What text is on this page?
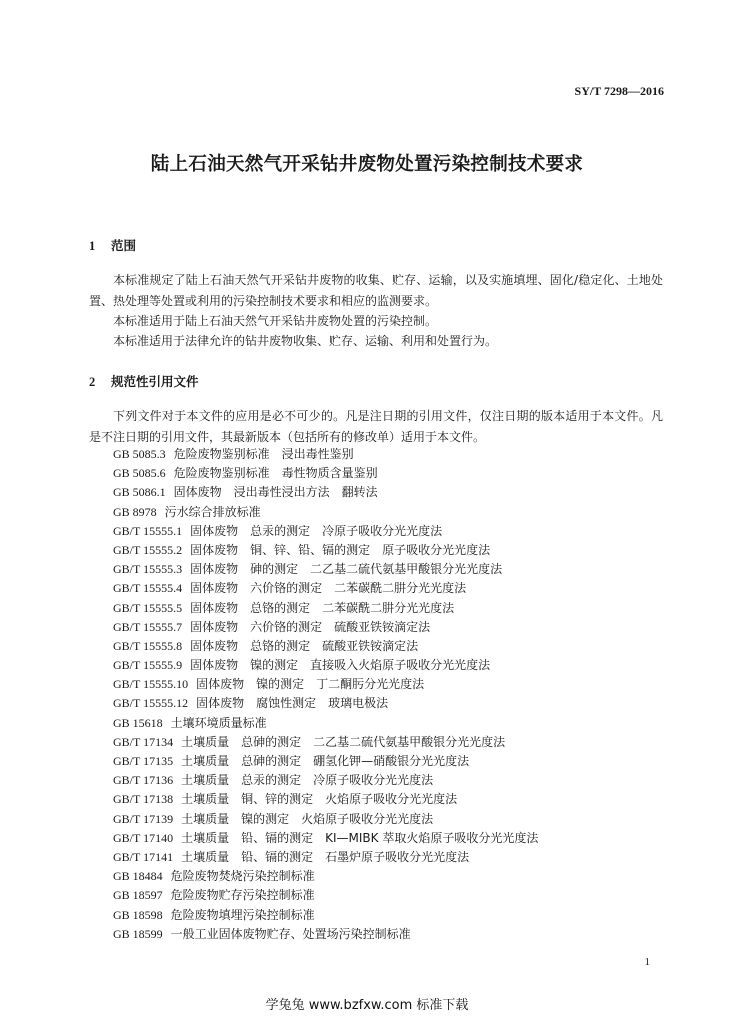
SY/T 7298—2016
陆上石油天然气开采钻井废物处置污染控制技术要求
1 范围
本标准规定了陆上石油天然气开采钻井废物的收集、贮存、运输，以及实施填埋、固化/稳定化、土地处置、热处理等处置或利用的污染控制技术要求和相应的监测要求。
本标准适用于陆上石油天然气开采钻井废物处置的污染控制。
本标准适用于法律允许的钻井废物收集、贮存、运输、利用和处置行为。
2 规范性引用文件
下列文件对于本文件的应用是必不可少的。凡是注日期的引用文件，仅注日期的版本适用于本文件。凡是不注日期的引用文件，其最新版本（包括所有的修改单）适用于本文件。
GB 5085.3 危险废物鉴别标准　浸出毒性鉴别
GB 5085.6 危险废物鉴别标准　毒性物质含量鉴别
GB 5086.1 固体废物　浸出毒性浸出方法　翻转法
GB 8978 污水综合排放标准
GB/T 15555.1 固体废物　总汞的测定　冷原子吸收分光光度法
GB/T 15555.2 固体废物　铜、锌、铅、镉的测定　原子吸收分光光度法
GB/T 15555.3 固体废物　砷的测定　二乙基二硫代氨基甲酸银分光光度法
GB/T 15555.4 固体废物　六价铬的测定　二苯碳酰二肼分光光度法
GB/T 15555.5 固体废物　总铬的测定　二苯碳酰二肼分光光度法
GB/T 15555.7 固体废物　六价铬的测定　硫酸亚铁铵滴定法
GB/T 15555.8 固体废物　总铬的测定　硫酸亚铁铵滴定法
GB/T 15555.9 固体废物　镍的测定　直接吸入火焰原子吸收分光光度法
GB/T 15555.10 固体废物　镍的测定　丁二酮肟分光光度法
GB/T 15555.12 固体废物　腐蚀性测定　玻璃电极法
GB 15618 土壤环境质量标准
GB/T 17134 土壤质量　总砷的测定　二乙基二硫代氨基甲酸银分光光度法
GB/T 17135 土壤质量　总砷的测定　硼氢化钾—硝酸银分光光度法
GB/T 17136 土壤质量　总汞的测定　冷原子吸收分光光度法
GB/T 17138 土壤质量　铜、锌的测定　火焰原子吸收分光光度法
GB/T 17139 土壤质量　镍的测定　火焰原子吸收分光光度法
GB/T 17140 土壤质量　铅、镉的测定　KI—MIBK 萃取火焰原子吸收分光光度法
GB/T 17141 土壤质量　铅、镉的测定　石墨炉原子吸收分光光度法
GB 18484 危险废物焚烧污染控制标准
GB 18597 危险废物贮存污染控制标准
GB 18598 危险废物填埋污染控制标准
GB 18599 一般工业固体废物贮存、处置场污染控制标准
1
学兔兔 www.bzfxw.com 标准下载
